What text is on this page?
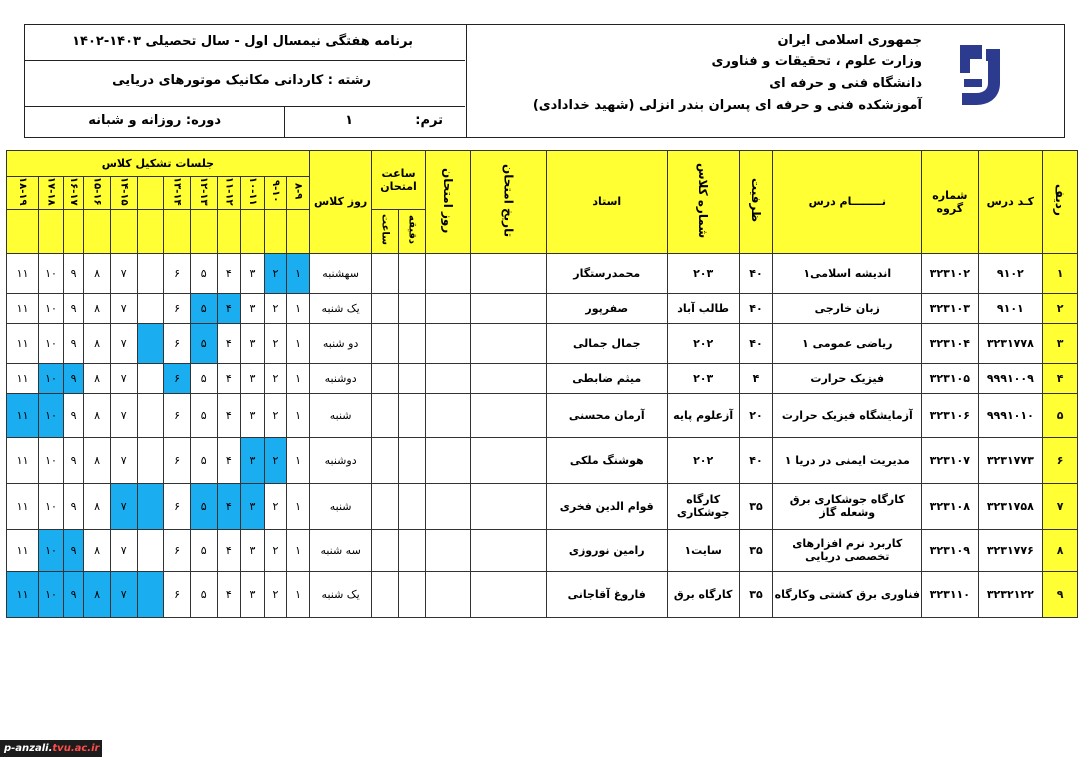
جمهوری اسلامی ایران
وزارت علوم ، تحقیقات و فناوری
دانشگاه فنی و حرفه ای
آموزشکده فنی و حرفه ای پسران بندر انزلی (شهید خدادادی)
برنامه هفتگی نیمسال اول - سال تحصیلی ۱۴۰۳-۱۴۰۲
رشته : کاردانی مکانیک موتورهای دریایی
ترم:
۱
دوره: روزانه و شبانه
ردیف	کـد درس	شماره گروه	نــــــــام درس	ظرفیت	شماره کلاس	استاد	تاریخ امتحان	روز امتحان	ساعت امتحان		روز کلاس	جلسات تشکیل کلاس											
												۸-۹	۹-۱۰	۱۰-۱۱	۱۱-۱۲	۱۲-۱۳	۱۳-۱۴		۱۴-۱۵	۱۵-۱۶	۱۶-۱۷	۱۷-۱۸	۱۸-۱۹
									دقیقه	ساعت													
۱	۹۱۰۲	۳۲۳۱۰۲	اندیشه اسلامی۱	۴۰	۲۰۳	محمدرستگار					سهشنبه	۱	۲	۳	۴	۵	۶		۷	۸	۹	۱۰	۱۱
۲	۹۱۰۱	۳۲۳۱۰۳	زبان خارجی	۴۰	طالب آباد	صفرپور					یک شنبه	۱	۲	۳	۴	۵	۶		۷	۸	۹	۱۰	۱۱
۳	۳۲۳۱۷۷۸	۳۲۳۱۰۴	ریاضی عمومی ۱	۴۰	۲۰۲	جمال جمالی					دو شنبه	۱	۲	۳	۴	۵	۶		۷	۸	۹	۱۰	۱۱
۴	۹۹۹۱۰۰۹	۳۲۳۱۰۵	فیزیک حرارت	۴	۲۰۳	میثم ضابطی					دوشنبه	۱	۲	۳	۴	۵	۶		۷	۸	۹	۱۰	۱۱
۵	۹۹۹۱۰۱۰	۳۲۳۱۰۶	آزمایشگاه فیزیک حرارت	۲۰	آزعلوم پایه	آرمان محسنی					شنبه	۱	۲	۳	۴	۵	۶		۷	۸	۹	۱۰	۱۱
۶	۳۲۳۱۷۷۳	۳۲۳۱۰۷	مدیریت ایمنی در دریا ۱	۴۰	۲۰۲	هوشنگ ملکی					دوشنبه	۱	۲	۳	۴	۵	۶		۷	۸	۹	۱۰	۱۱
۷	۳۲۳۱۷۵۸	۳۲۳۱۰۸	کارگاه جوشکاری برق وشعله گاز	۳۵	کارگاه جوشکاری	قوام الدین فخری					شنبه	۱	۲	۳	۴	۵	۶		۷	۸	۹	۱۰	۱۱
۸	۳۲۳۱۷۷۶	۳۲۳۱۰۹	کاربرد نرم افزارهای تخصصی دریایی	۳۵	سایت۱	رامین نوروزی					سه شنبه	۱	۲	۳	۴	۵	۶		۷	۸	۹	۱۰	۱۱
۹	۳۲۳۲۱۲۲	۳۲۳۱۱۰	فناوری برق کشتی وکارگاه	۳۵	کارگاه برق	فاروغ آقاجانی					یک شنبه	۱	۲	۳	۴	۵	۶		۷	۸	۹	۱۰	۱۱
p-anzali.tvu.ac.ir
